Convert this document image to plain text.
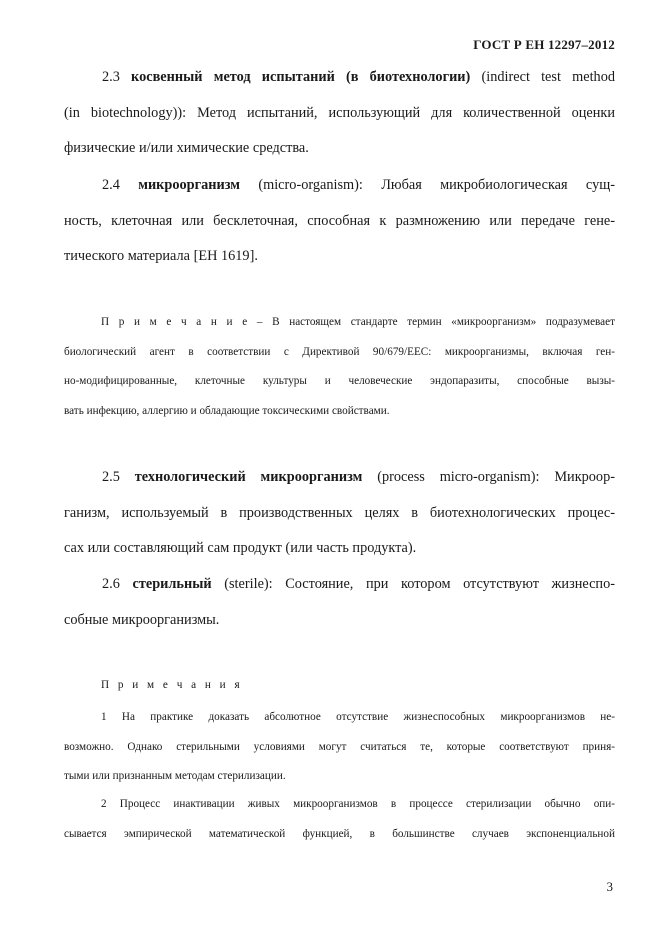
ГОСТ Р ЕН 12297–2012
2.3 косвенный метод испытаний (в биотехнологии) (indirect test method
(in biotechnology)): Метод испытаний, использующий для количественной оценки
физические и/или химические средства.
2.4 микроорганизм (micro-organism): Любая микробиологическая сущ-
ность, клеточная или бесклеточная, способная к размножению или передаче гене-
тического материала [ЕН 1619].
П р и м е ч а н и е – В настоящем стандарте термин «микроорганизм» подразумевает
биологический агент в соответствии с Директивой 90/679/ЕЕС: микроорганизмы, включая ген-
но-модифицированные, клеточные культуры и человеческие эндопаразиты, способные вызы-
вать инфекцию, аллергию и обладающие токсическими свойствами.
2.5 технологический микроорганизм (process micro-organism): Микроор-
ганизм, используемый в производственных целях в биотехнологических процес-
сах или составляющий сам продукт (или часть продукта).
2.6 стерильный (sterile): Состояние, при котором отсутствуют жизнеспо-
собные микроорганизмы.
П р и м е ч а н и я
1 На практике доказать абсолютное отсутствие жизнеспособных микроорганизмов не-
возможно. Однако стерильными условиями могут считаться те, которые соответствуют приня-
тыми или признанным методам стерилизации.
2 Процесс инактивации живых микроорганизмов в процессе стерилизации обычно опи-
сывается эмпирической математической функцией, в большинстве случаев экспоненциальной
3
